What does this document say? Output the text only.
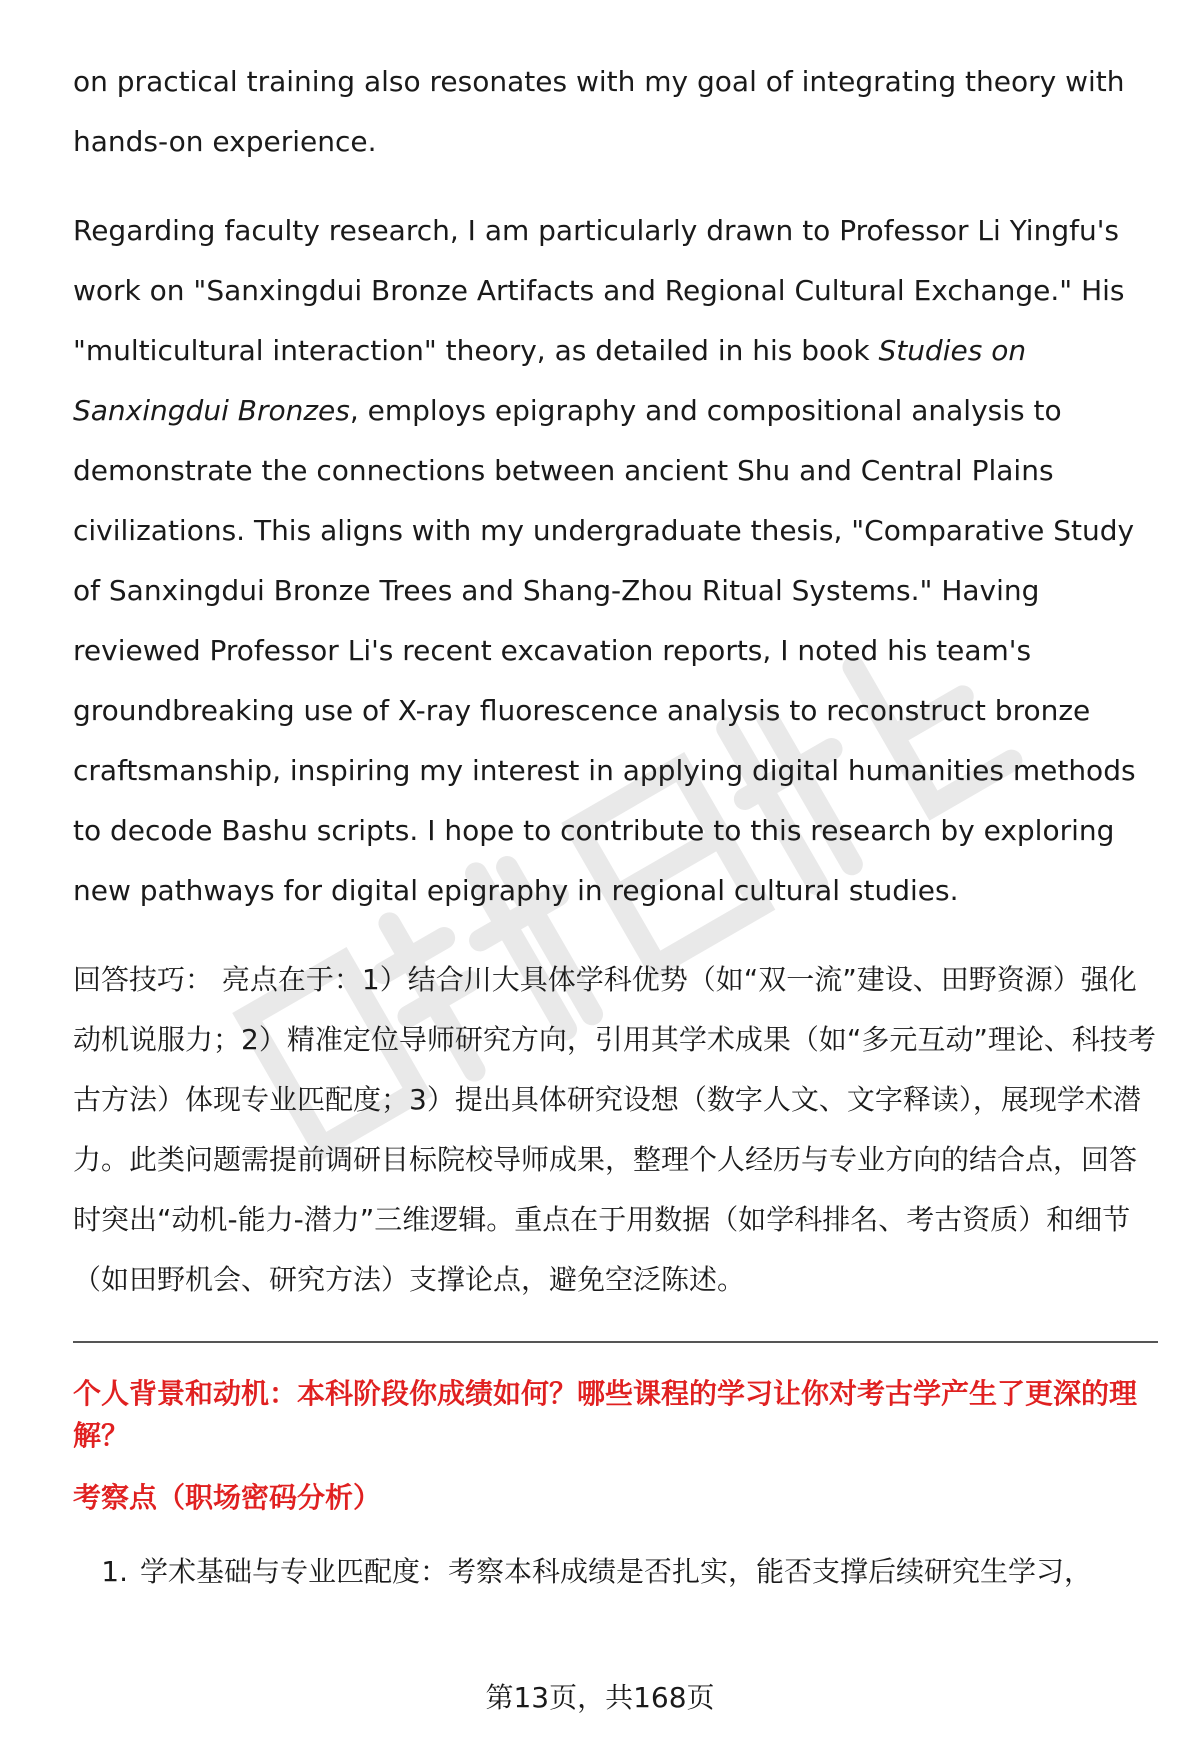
on practical training also resonates with my goal of integrating theory with hands-on experience.

Regarding faculty research, I am particularly drawn to Professor Li Yingfu's work on "Sanxingdui Bronze Artifacts and Regional Cultural Exchange." His "multicultural interaction" theory, as detailed in his book Studies on Sanxingdui Bronzes, employs epigraphy and compositional analysis to demonstrate the connections between ancient Shu and Central Plains civilizations. This aligns with my undergraduate thesis, "Comparative Study of Sanxingdui Bronze Trees and Shang-Zhou Ritual Systems." Having reviewed Professor Li's recent excavation reports, I noted his team's groundbreaking use of X-ray fluorescence analysis to reconstruct bronze craftsmanship, inspiring my interest in applying digital humanities methods to decode Bashu scripts. I hope to contribute to this research by exploring new pathways for digital epigraphy in regional cultural studies.

回答技巧： 亮点在于：1）结合川大具体学科优势（如“双一流”建设、田野资源）强化动机说服力；2）精准定位导师研究方向，引用其学术成果（如“多元互动”理论、科技考古方法）体现专业匹配度；3）提出具体研究设想（数字人文、文字释读），展现学术潜力。此类问题需提前调研目标院校导师成果，整理个人经历与专业方向的结合点，回答时突出“动机-能力-潜力”三维逻辑。重点在于用数据（如学科排名、考古资质）和细节（如田野机会、研究方法）支撑论点，避免空泛陈述。

个人背景和动机：本科阶段你成绩如何？哪些课程的学习让你对考古学产生了更深的理解？

考察点（职场密码分析）

1. 学术基础与专业匹配度：考察本科成绩是否扎实，能否支撑后续研究生学习，
第13页，共168页
